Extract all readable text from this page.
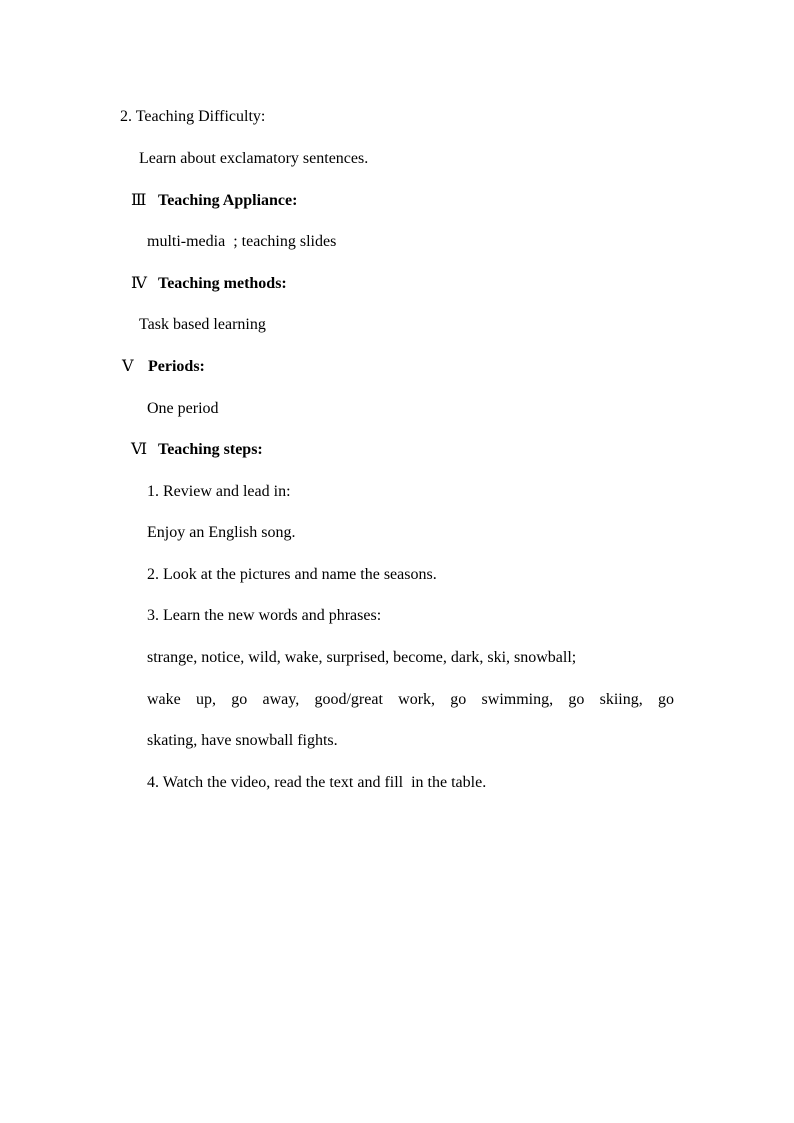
2. Teaching Difficulty:
Learn about exclamatory sentences.
Ⅲ Teaching Appliance:
multi-media  ; teaching slides
Ⅳ Teaching methods:
Task based learning
Ⅴ Periods:
One period
Ⅵ Teaching steps:
1. Review and lead in:
Enjoy an English song.
2. Look at the pictures and name the seasons.
3. Learn the new words and phrases:
strange, notice, wild, wake, surprised, become, dark, ski, snowball;
wake up, go away, good/great work, go swimming, go skiing, go
skating, have snowball fights.
4. Watch the video, read the text and fill  in the table.
